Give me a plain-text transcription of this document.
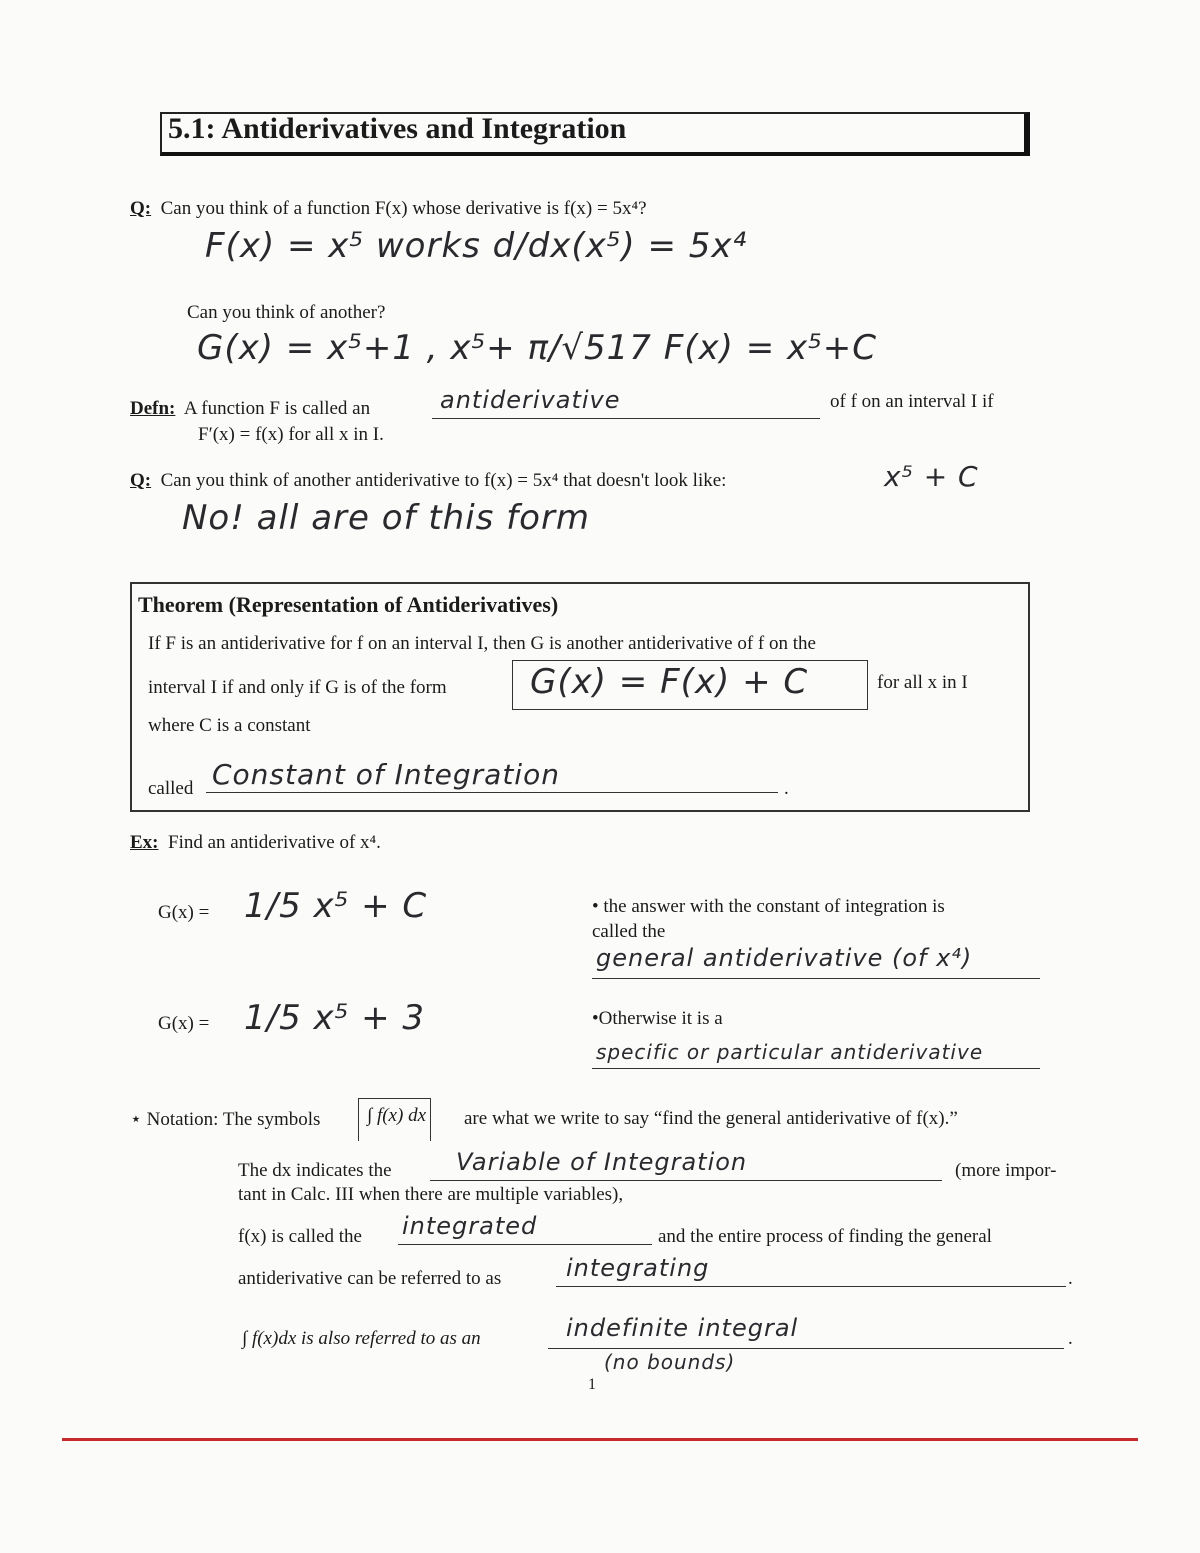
5.1: Antiderivatives and Integration
Q: Can you think of a function F(x) whose derivative is f(x) = 5x⁴?
F(x) = x⁵ works d/dx(x⁵) = 5x⁴
Can you think of another?
G(x) = x⁵+1 , x⁵+ π/√517 F(x) = x⁵+C
Defn: A function F is called an	antiderivative	of f on an interval I if
F′(x) = f(x) for all x in I.
Q: Can you think of another antiderivative to f(x) = 5x⁴ that doesn't look like:	x⁵ + C
No! all are of this form
Theorem (Representation of Antiderivatives)
If F is an antiderivative for f on an interval I, then G is another antiderivative of f on the
interval I if and only if G is of the form G(x) = F(x) + C	for all x in I
where C is a constant
called Constant of Integration	.
Ex: Find an antiderivative of x⁴.
G(x) = 1/5 x⁵ + C
G(x) = 1/5 x⁵ + 3
• the answer with the constant of integration is
called the
general antiderivative (of x⁴)
•Otherwise it is a
specific or particular antiderivative
⋆ Notation: The symbols	∫ f(x) dx are what we write to say “find the general antiderivative of f(x).”
The dx indicates the	Variable of Integration	(more impor-
tant in Calc. III when there are multiple variables),
f(x) is called the integrated	and the entire process of finding the general
antiderivative can be referred to as	integrating	.
∫ f(x)dx is also referred to as an	indefinite integral
(no bounds)
.
1
